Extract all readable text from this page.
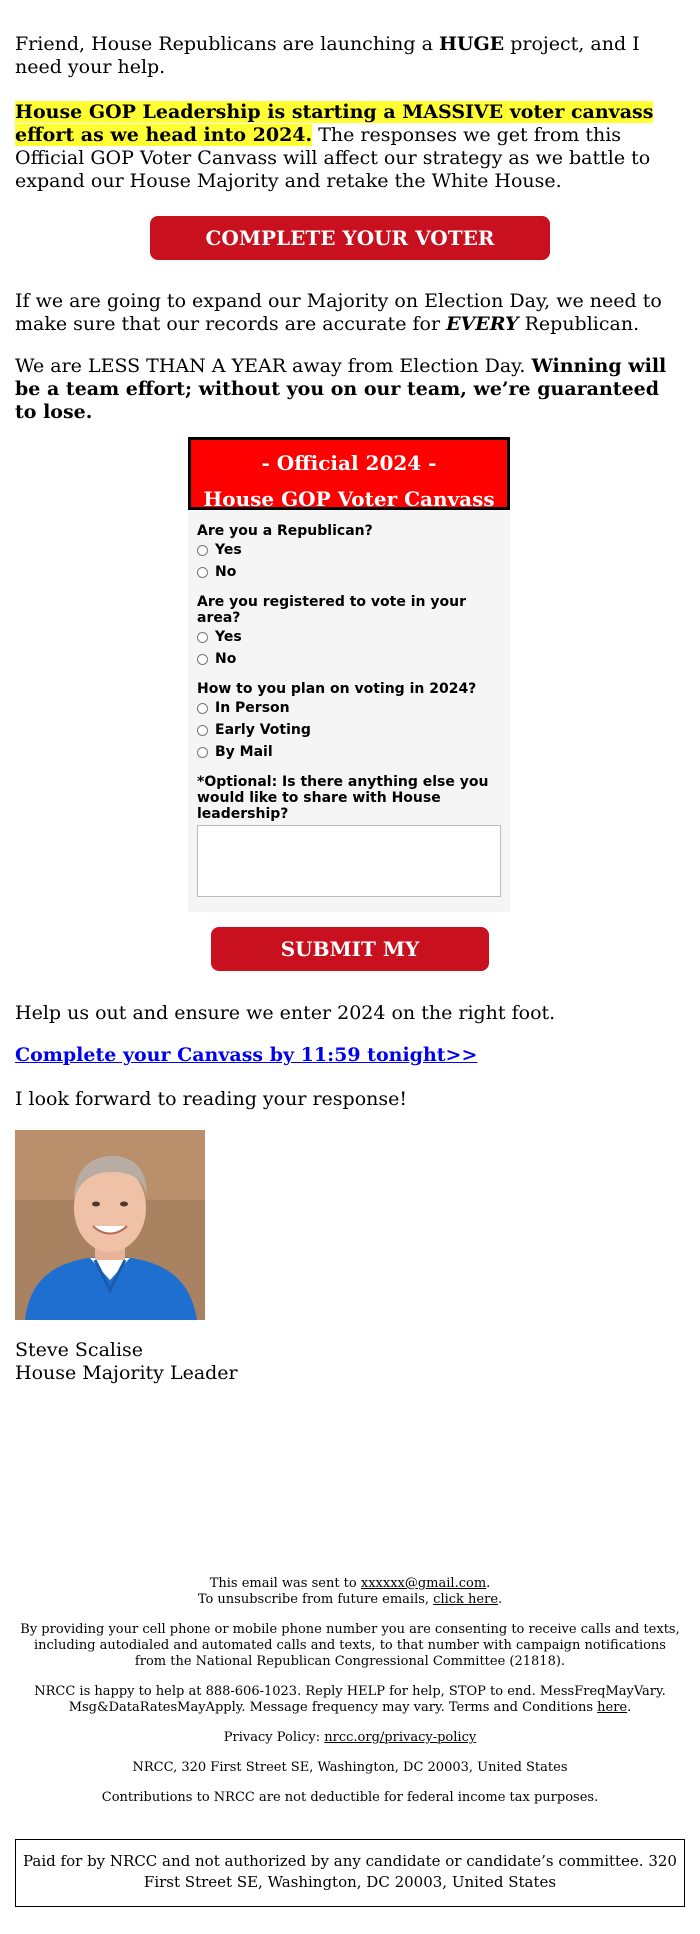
Friend, House Republicans are launching a HUGE project, and I need your help.

House GOP Leadership is starting a MASSIVE voter canvass effort as we head into 2024. The responses we get from this Official GOP Voter Canvass will affect our strategy as we battle to expand our House Majority and retake the White House.

COMPLETE YOUR VOTER CANVASS

If we are going to expand our Majority on Election Day, we need to make sure that our records are accurate for EVERY Republican.

We are LESS THAN A YEAR away from Election Day. Winning will be a team effort; without you on our team, we’re guaranteed to lose.

- Official 2024 -
House GOP Voter Canvass

Are you a Republican?

Yes
No

Are you registered to vote in your area?

Yes
No

How to you plan on voting in 2024?

In Person
Early Voting
By Mail

*Optional: Is there anything else you would like to share with House leadership?

SUBMIT MY RESPONSE

Help us out and ensure we enter 2024 on the right foot.

Complete your Canvass by 11:59 tonight>>

I look forward to reading your response!

Steve Scalise
House Majority Leader

This email was sent to xxxxxx@gmail.com.

To unsubscribe from future emails, click here.

By providing your cell phone or mobile phone number you are consenting to receive calls and texts, including autodialed and automated calls and texts, to that number with campaign notifications from the National Republican Congressional Committee (21818).

NRCC is happy to help at 888-606-1023. Reply HELP for help, STOP to end. MessFreqMayVary. Msg&DataRatesMayApply. Message frequency may vary. Terms and Conditions here.

Privacy Policy: nrcc.org/privacy-policy

NRCC, 320 First Street SE, Washington, DC 20003, United States

Contributions to NRCC are not deductible for federal income tax purposes.

Paid for by NRCC and not authorized by any candidate or candidate’s committee. 320 First Street SE, Washington, DC 20003, United States
